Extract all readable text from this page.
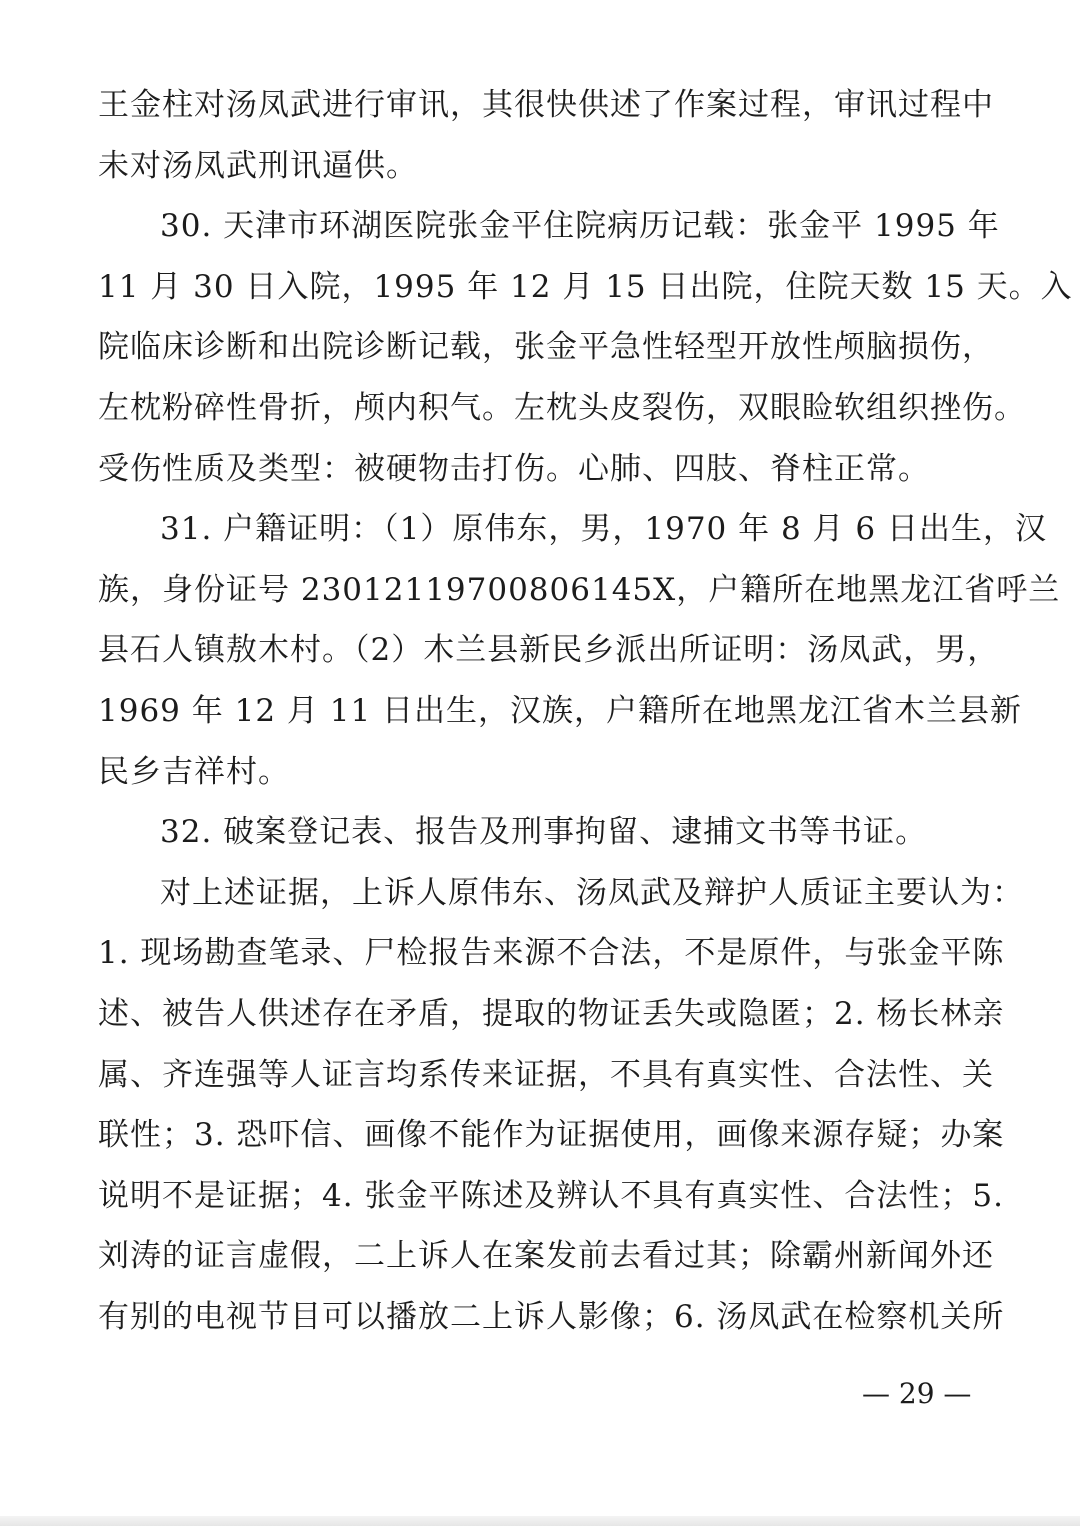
王金柱对汤凤武进行审讯，其很快供述了作案过程，审讯过程中
未对汤凤武刑讯逼供。
30. 天津市环湖医院张金平住院病历记载：张金平 1995 年
11 月 30 日入院，1995 年 12 月 15 日出院，住院天数 15 天。入
院临床诊断和出院诊断记载，张金平急性轻型开放性颅脑损伤，
左枕粉碎性骨折，颅内积气。左枕头皮裂伤，双眼睑软组织挫伤。
受伤性质及类型：被硬物击打伤。心肺、四肢、脊柱正常。
31. 户籍证明：（1）原伟东，男，1970 年 8 月 6 日出生，汉
族，身份证号 23012119700806145X，户籍所在地黑龙江省呼兰
县石人镇敖木村。（2）木兰县新民乡派出所证明：汤凤武，男，
1969 年 12 月 11 日出生，汉族，户籍所在地黑龙江省木兰县新
民乡吉祥村。
32. 破案登记表、报告及刑事拘留、逮捕文书等书证。
对上述证据，上诉人原伟东、汤凤武及辩护人质证主要认为：
1. 现场勘查笔录、尸检报告来源不合法，不是原件，与张金平陈
述、被告人供述存在矛盾，提取的物证丢失或隐匿；2. 杨长林亲
属、齐连强等人证言均系传来证据，不具有真实性、合法性、关
联性；3. 恐吓信、画像不能作为证据使用，画像来源存疑；办案
说明不是证据；4. 张金平陈述及辨认不具有真实性、合法性；5.
刘涛的证言虚假，二上诉人在案发前去看过其；除霸州新闻外还
有别的电视节目可以播放二上诉人影像；6. 汤凤武在检察机关所
— 29 —
